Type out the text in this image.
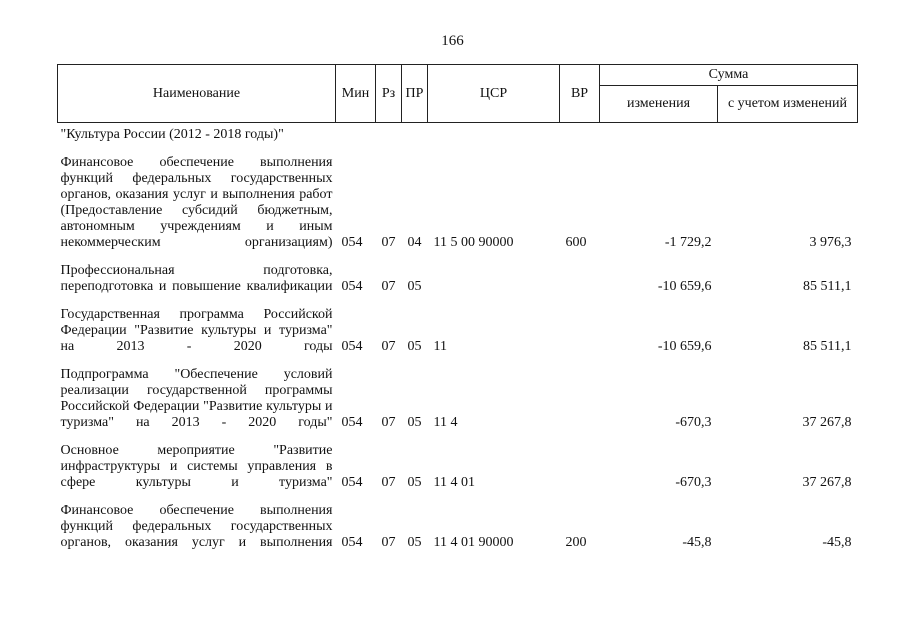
166
Наименование	Мин	Рз	ПР	ЦСР	ВР	Сумма	
						изменения	с учетом изменений
"Культура России (2012 - 2018 годы)"							

Финансовое обеспечение выполнения функций федеральных государственных органов, оказания услуг и выполнения работ (Предоставление субсидий бюджетным, автономным учреждениям и иным некоммерческим организациям)	054	07	04	11 5 00 90000	600	-1 729,2	3 976,3

Профессиональная подготовка, переподготовка и повышение квалификации	054	07	05			-10 659,6	85 511,1

Государственная программа Российской Федерации "Развитие культуры и туризма" на 2013 - 2020 годы	054	07	05	11		-10 659,6	85 511,1

Подпрограмма "Обеспечение условий реализации государственной программы Российской Федерации "Развитие культуры и туризма" на 2013 - 2020 годы"	054	07	05	11 4		-670,3	37 267,8

Основное мероприятие "Развитие инфраструктуры и системы управления в сфере культуры и туризма"	054	07	05	11 4 01		-670,3	37 267,8

Финансовое обеспечение выполнения функций федеральных государственных органов, оказания услуг и выполнения	054	07	05	11 4 01 90000	200	-45,8	-45,8
